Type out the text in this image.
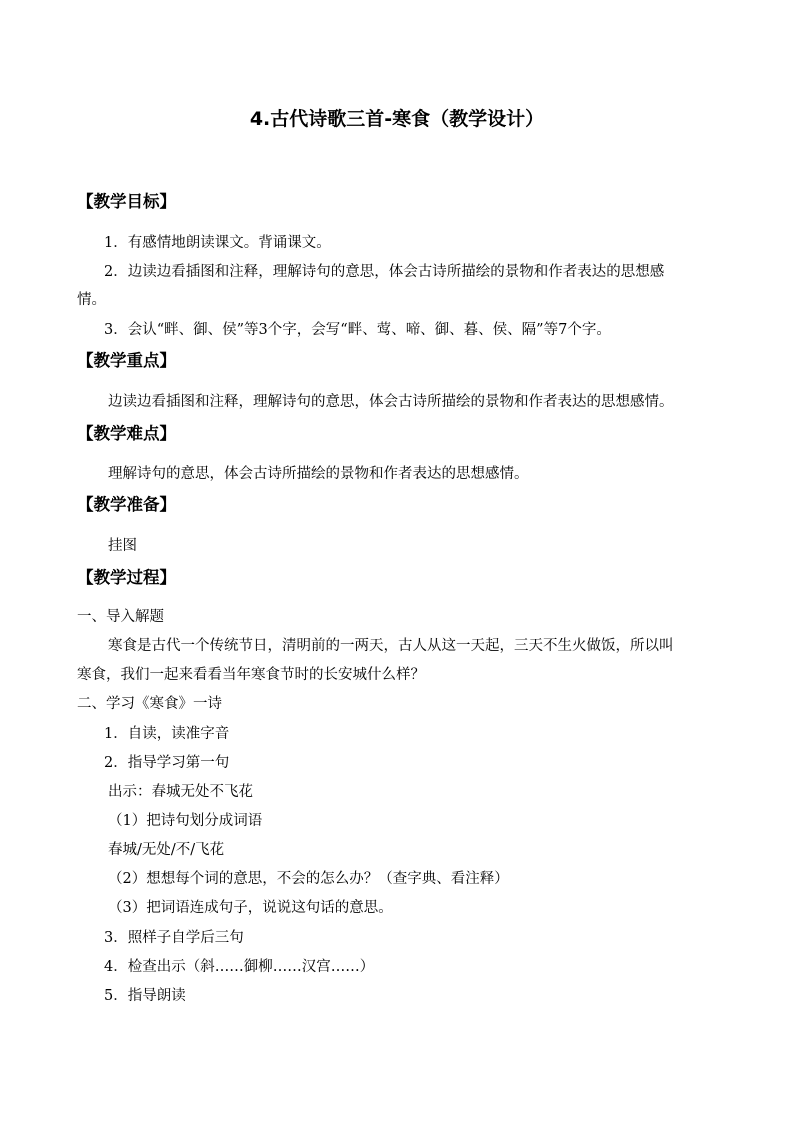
4.古代诗歌三首-寒食（教学设计）
【教学目标】
1．有感情地朗读课文。背诵课文。
2．边读边看插图和注释，理解诗句的意思，体会古诗所描绘的景物和作者表达的思想感
情。
3．会认“畔、御、侯”等3个字，会写“畔、莺、啼、御、暮、侯、隔”等7个字。
【教学重点】
边读边看插图和注释，理解诗句的意思，体会古诗所描绘的景物和作者表达的思想感情。
【教学难点】
理解诗句的意思，体会古诗所描绘的景物和作者表达的思想感情。
【教学准备】
挂图
【教学过程】
一、导入解题
寒食是古代一个传统节日，清明前的一两天，古人从这一天起，三天不生火做饭，所以叫
寒食，我们一起来看看当年寒食节时的长安城什么样？
二、学习《寒食》一诗
1．自读，读准字音
2．指导学习第一句
出示：春城无处不飞花
（1）把诗句划分成词语
春城/无处/不/飞花
（2）想想每个词的意思，不会的怎么办？（查字典、看注释）
（3）把词语连成句子，说说这句话的意思。
3．照样子自学后三句
4．检查出示（斜……御柳……汉宫……）
5．指导朗读
